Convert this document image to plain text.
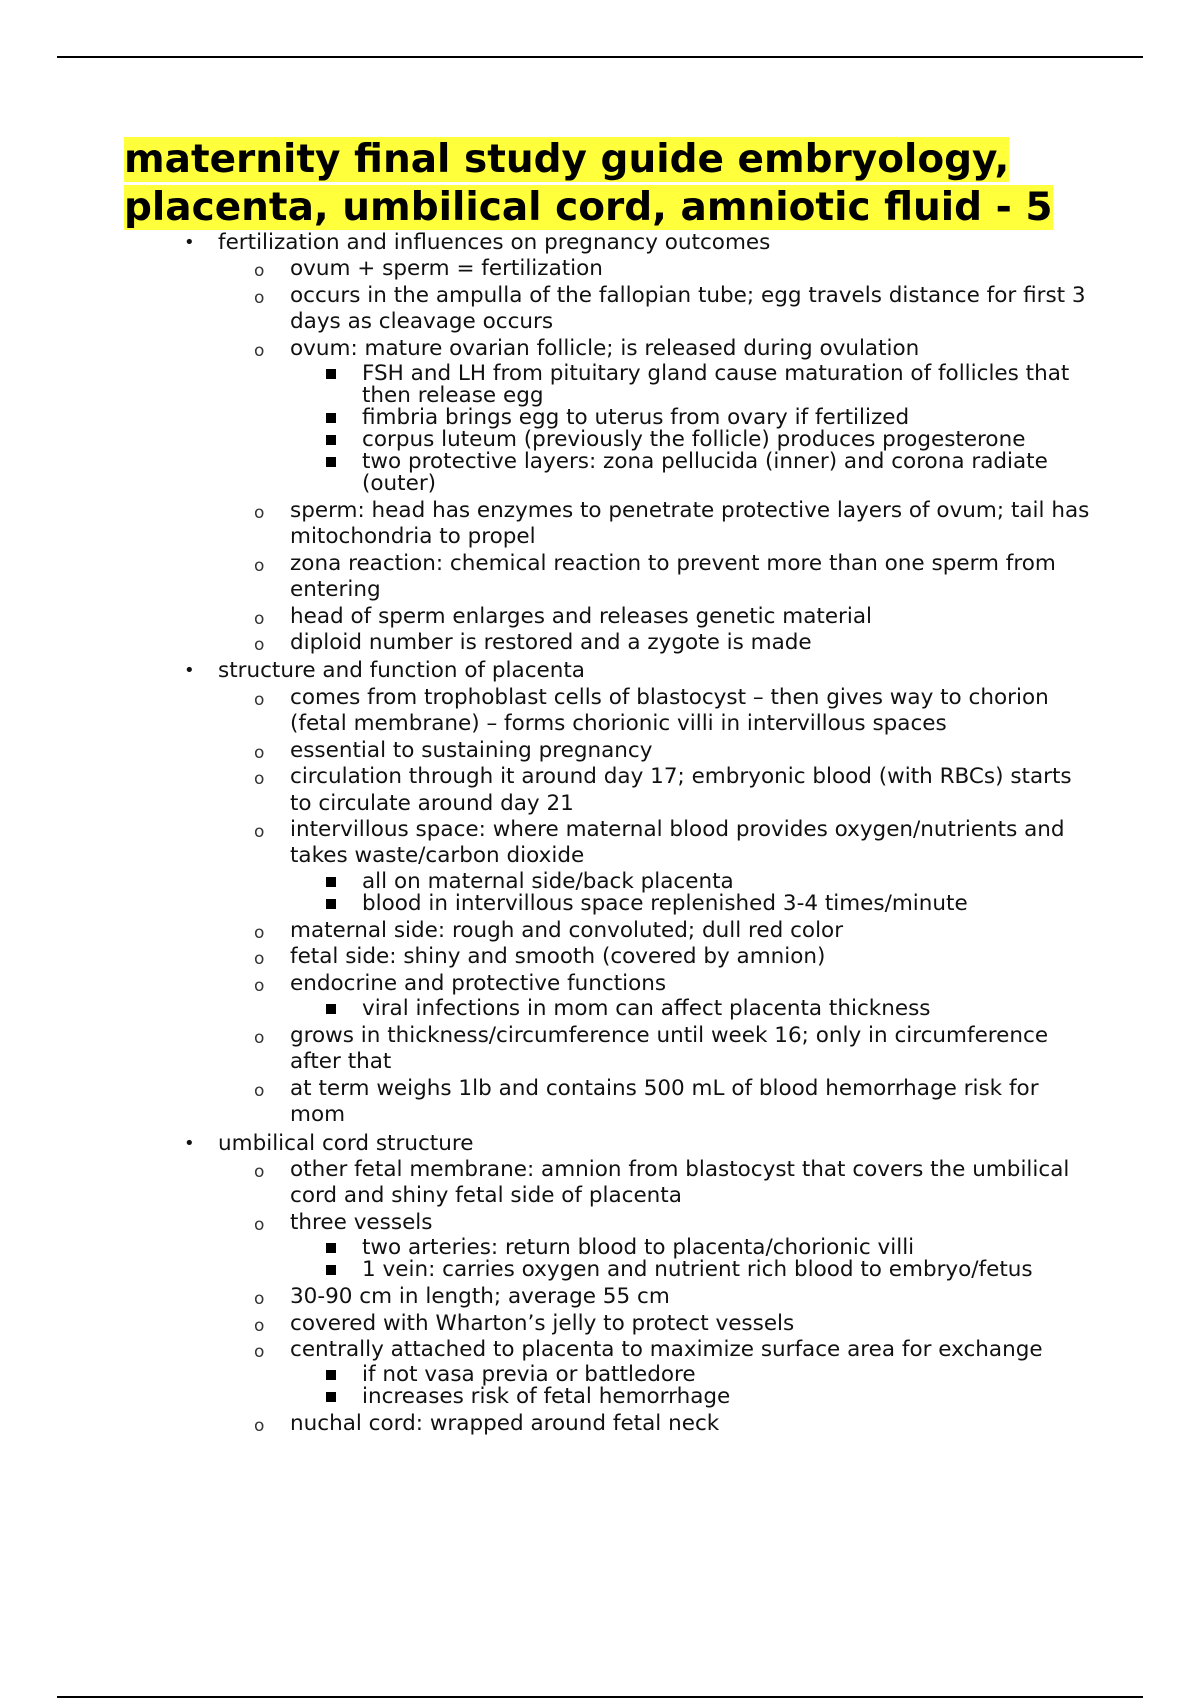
maternity final study guide embryology,
placenta, umbilical cord, amniotic fluid - 5
• fertilization and influences on pregnancy outcomes
o ovum + sperm = fertilization
o occurs in the ampulla of the fallopian tube; egg travels distance for first 3 days as cleavage occurs
o ovum: mature ovarian follicle; is released during ovulation
FSH and LH from pituitary gland cause maturation of follicles that then release egg
fimbria brings egg to uterus from ovary if fertilized
corpus luteum (previously the follicle) produces progesterone
two protective layers: zona pellucida (inner) and corona radiate (outer)
o sperm: head has enzymes to penetrate protective layers of ovum; tail has mitochondria to propel
o zona reaction: chemical reaction to prevent more than one sperm from entering
o head of sperm enlarges and releases genetic material
o diploid number is restored and a zygote is made
• structure and function of placenta
o comes from trophoblast cells of blastocyst – then gives way to chorion (fetal membrane) – forms chorionic villi in intervillous spaces
o essential to sustaining pregnancy
o circulation through it around day 17; embryonic blood (with RBCs) starts to circulate around day 21
o intervillous space: where maternal blood provides oxygen/nutrients and takes waste/carbon dioxide
all on maternal side/back placenta
blood in intervillous space replenished 3-4 times/minute
o maternal side: rough and convoluted; dull red color
o fetal side: shiny and smooth (covered by amnion)
o endocrine and protective functions
viral infections in mom can affect placenta thickness
o grows in thickness/circumference until week 16; only in circumference after that
o at term weighs 1lb and contains 500 mL of blood hemorrhage risk for mom
• umbilical cord structure
o other fetal membrane: amnion from blastocyst that covers the umbilical cord and shiny fetal side of placenta
o three vessels
two arteries: return blood to placenta/chorionic villi
1 vein: carries oxygen and nutrient rich blood to embryo/fetus
o 30-90 cm in length; average 55 cm
o covered with Wharton’s jelly to protect vessels
o centrally attached to placenta to maximize surface area for exchange
if not vasa previa or battledore
increases risk of fetal hemorrhage
o nuchal cord: wrapped around fetal neck
